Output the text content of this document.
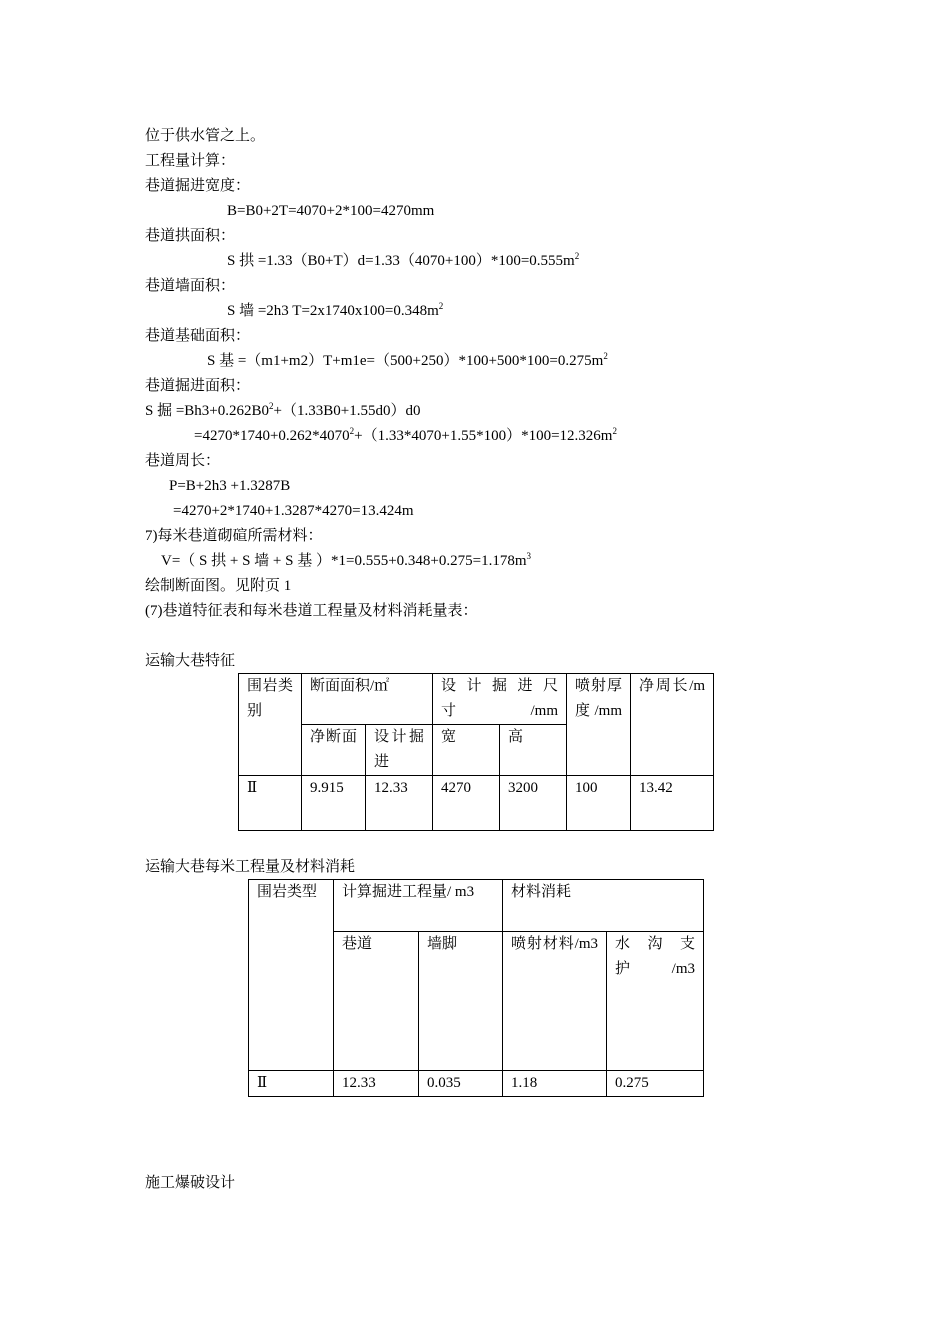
位于供水管之上。
工程量计算：
巷道掘进宽度：
B=B0+2T=4070+2*100=4270mm
巷道拱面积：
S 拱 $=1.33(B0+T)d=1.33(4070+100)*100=0.555m^2$
巷道墙面积：
S 墙 =2h3 $T=2x1740x100=0.348m^2$
巷道基础面积：
S 基 $=(m1+m2)T+m1e=(500+250)*100+500*100=0.275m^2$
巷道掘进面积：
S 掘 $=Bh3+0.262B0^2+(1.33B0+1.55d0)d0$
$=4270*1740+0.262*4070^2+(1.33*4070+1.55*100)*100=12.326m^2$
巷道周长：
P=B+2h3 +1.3287B
=4270+2*1740+1.3287*4270=13.424m
7)每米巷道砌碹所需材料：
V=（ S 拱 + S 墙 + S 基 ）$*1=0.555+0.348+0.275=1.178m^3$
绘制断面图。见附页 1
(7)巷道特征表和每米巷道工程量及材料消耗量表：
运输大巷特征
围岩类别	断面面积/㎡		设计掘进尺寸/mm		喷射厚度/mm	净周长/m
	净断面	设计掘进	宽	高		
Ⅱ	9.915	12.33	4270	3200	100	13.42
运输大巷每米工程量及材料消耗
围岩类型	计算掘进工程量/ m3		材料消耗	
	巷道	墙脚	喷射材料/m3	水沟支护/m3
Ⅱ	12.33	0.035	1.18	0.275
施工爆破设计
